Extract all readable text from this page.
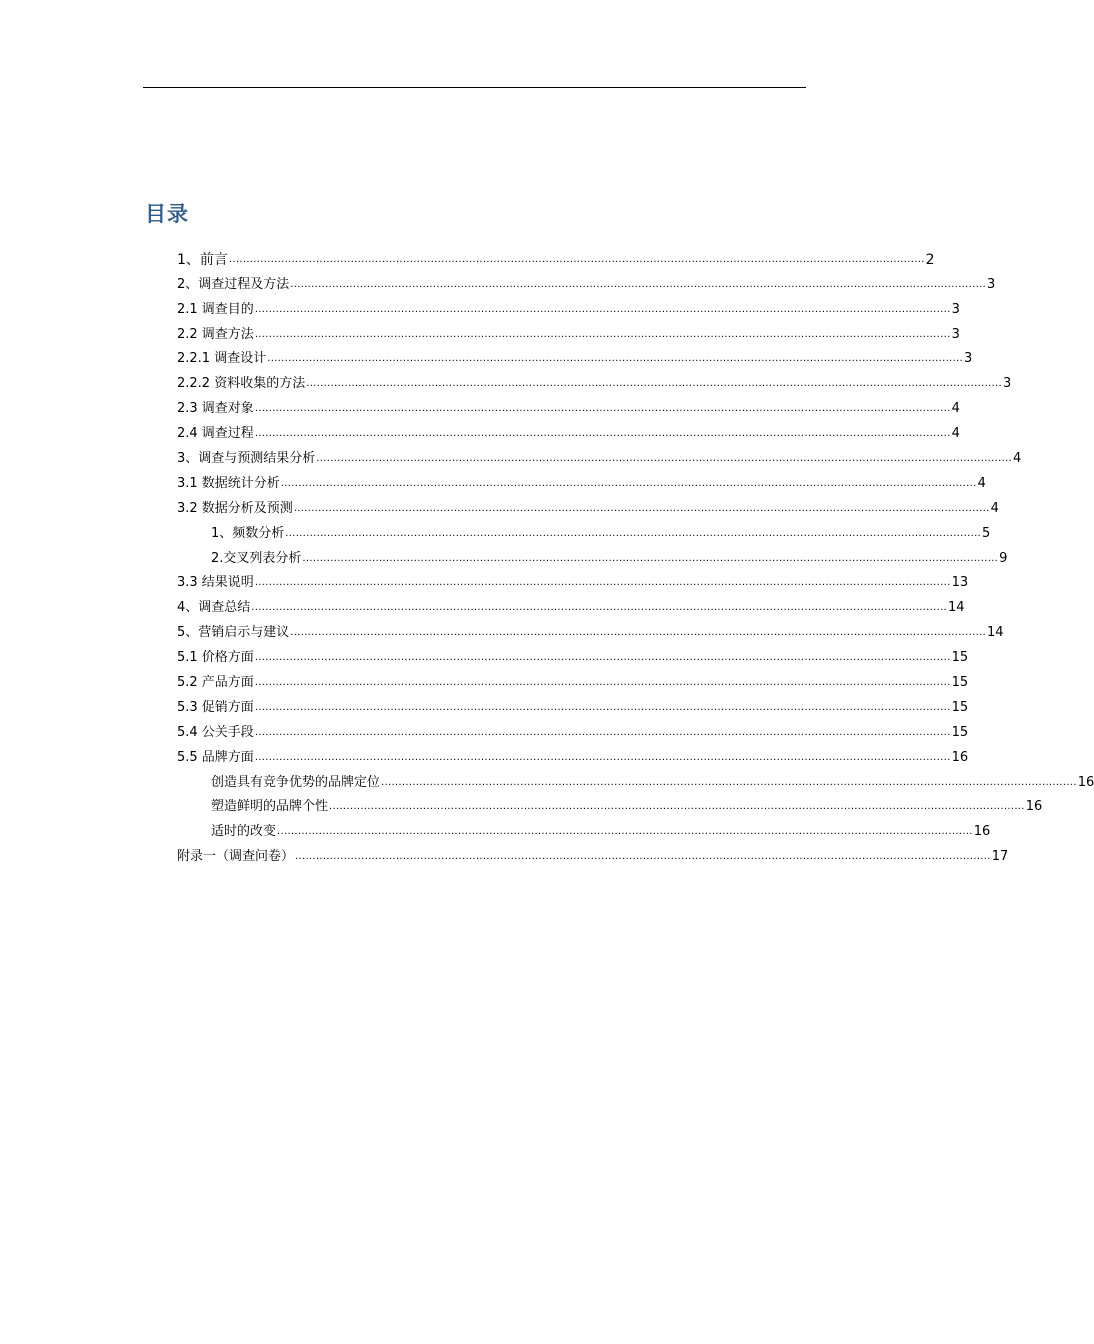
目录
1、前言 ........................................................................................................................................................................................................ 2
2、调查过程及方法 ........................................................................................................................................................................................................ 3
2.1 调查目的 ........................................................................................................................................................................................................ 3
2.2 调查方法 ........................................................................................................................................................................................................ 3
2.2.1 调查设计 ........................................................................................................................................................................................................ 3
2.2.2 资料收集的方法 ........................................................................................................................................................................................................ 3
2.3 调查对象 ........................................................................................................................................................................................................ 4
2.4 调查过程 ........................................................................................................................................................................................................ 4
3、调查与预测结果分析 ........................................................................................................................................................................................................ 4
3.1 数据统计分析 ........................................................................................................................................................................................................ 4
3.2 数据分析及预测 ........................................................................................................................................................................................................ 4
1、频数分析 ........................................................................................................................................................................................................ 5
2.交叉列表分析 ........................................................................................................................................................................................................ 9
3.3 结果说明 ........................................................................................................................................................................................................ 13
4、调查总结 ........................................................................................................................................................................................................ 14
5、营销启示与建议 ........................................................................................................................................................................................................ 14
5.1 价格方面 ........................................................................................................................................................................................................ 15
5.2 产品方面 ........................................................................................................................................................................................................ 15
5.3 促销方面 ........................................................................................................................................................................................................ 15
5.4 公关手段 ........................................................................................................................................................................................................ 15
5.5 品牌方面 ........................................................................................................................................................................................................ 16
创造具有竞争优势的品牌定位 ........................................................................................................................................................................................................ 16
塑造鲜明的品牌个性 ........................................................................................................................................................................................................ 16
适时的改变 ........................................................................................................................................................................................................ 16
附录一（调查问卷） ........................................................................................................................................................................................................ 17
